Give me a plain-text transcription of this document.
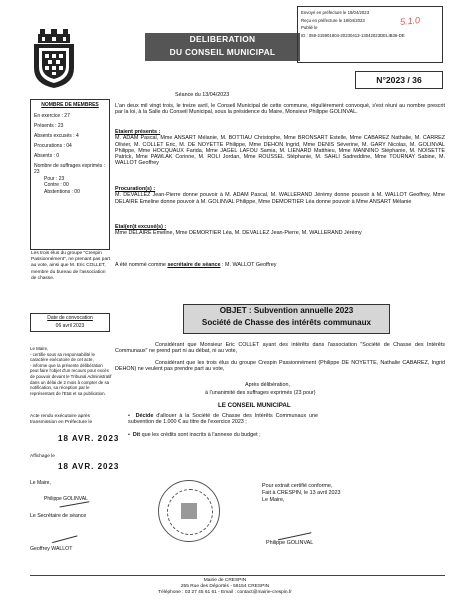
DELIBERATION
DU CONSEIL MUNICIPAL
Envoyé en préfecture le 18/04/2023
Reçu en préfecture le 18/04/2023
Publié le
ID : 059-215901804-20230413-13042023DELIB36-DE
5.1.0
N°2023 / 36
Séance du 13/04/2023
NOMBRE DE MEMBRES
En exercice : 27
Présents : 23
Absents excusés : 4
Procurations : 04
Absents : 0
Nombre de suffrages exprimés : 23
Pour : 23
Contre : 00
Abstentions : 00
Les trois élus du groupe "Crespin Passionnément", ne prenant pas part au vote, ainsi que M. Eric COLLET, membre du bureau de l'association de chasse.
Date de convocation
06 avril 2023
Le Maire,
- certifie sous sa responsabilité le caractère exécutoire de cet acte,
- informe que la présente délibération peut faire l'objet d'un recours pour excès de pouvoir devant le Tribunal Administratif dans un délai de 2 mois à compter de sa notification, sa réception par le représentant de l'Etat et sa publication.
Acte rendu exécutoire après transmission en Préfecture le
18 AVR. 2023
Affichage le
18 AVR. 2023
Le Maire,
Philippe GOLINVAL
Le Secrétaire de séance
Geoffrey WALLOT
L'an deux mil vingt trois, le treize avril, le Conseil Municipal de cette commune, régulièrement convoqué, s'est réuni au nombre prescrit par la loi, à la Salle du Conseil Municipal, sous la présidence du Maire, Monsieur Philippe GOLINVAL.
Etaient présents :
M. ADAM Pascal, Mme ANSART Mélanie, M. BOTTIAU Christophe, Mme BRONSART Estelle, Mme CABAREZ Nathalie, M. CARREZ Olivier, M. COLLET Eric, M. DE NOYETTE Philippe, Mme DEHON Ingrid, Mme DENIS Séverine, M. GARY Nicolas, M. GOLINVAL Philippe, Mme HOCQUAUX Farida, Mme JAGEL LAFOU Samia, M. LIENARD Matthieu, Mme MANNINO Stéphanie, M. NOISETTE Patrick, Mme PAWLAK Corinne, M. ROLI Jordan, Mme ROUSSEL Stéphanie, M. SAHLI Sadreddine, Mme TOURNAY Sabine, M. WALLOT Geoffrey
Procuration(s) :
M. DEVALLEZ Jean-Pierre donne pouvoir à M. ADAM Pascal, M. WALLERAND Jérémy donne pouvoir à M. WALLOT Geoffrey, Mme DELAIRE Emeline donne pouvoir à M. GOLINVAL Philippe, Mme DEMORTIER Léa donne pouvoir à Mme ANSART Mélanie
Etai(en)t excusé(s) :
Mme DELAIRE Emeline, Mme DEMORTIER Léa, M. DEVALLEZ Jean-Pierre, M. WALLERAND Jérémy
A été nommé comme secrétaire de séance : M. WALLOT Geoffrey
OBJET : Subvention annuelle 2023
Société de Chasse des intérêts communaux
Considérant que Monsieur Eric COLLET ayant des intérêts dans l'association "Société de Chasse des Intérêts Communaux" ne prend part ni au débat, ni au vote,
Considérant que les trois élus du groupe Crespin Passionnément (Philippe DE NOYETTE, Nathalie CABAREZ, Ingrid DEHON) ne veulent pas prendre part au vote,
Après délibération,
à l'unanimité des suffrages exprimés (23 pour)
LE CONSEIL MUNICIPAL
•  Décide d'allouer à la Société de Chasse des Intérêts Communaux une subvention de 1.000 € au titre de l'exercice 2023 ;
•  Dit que les crédits sont inscrits à l'annexe du budget ;
Pour extrait certifié conforme,
Fait à CRESPIN, le 13 avril 2023
Le Maire,
Philippe GOLINVAL
Mairie de CRESPIN
255 Rue des Déportés - 59154 CRESPIN
Téléphone : 03 27 45 61 61 - Email : contact@mairie-crespin.fr
